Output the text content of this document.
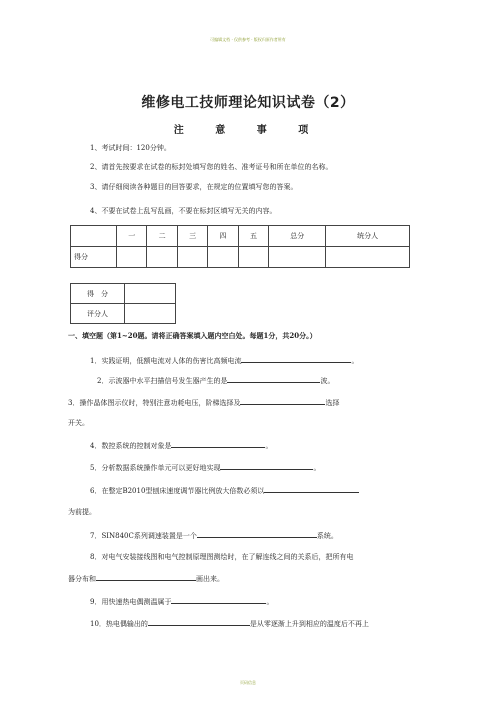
可编辑文档 · 仅供参考 · 版权归原作者所有
维修电工技师理论知识试卷（2）
注 意 事 项
1、考试时间：120分钟。
2、请首先按要求在试卷的标封处填写您的姓名、准考证号和所在单位的名称。
3、请仔细阅读各种题目的回答要求，在规定的位置填写您的答案。
4、不要在试卷上乱写乱画，不要在标封区填写无关的内容。
	一	二	三	四	五	总分	统分人
得分							
得　分	
评分人	
一、填空题（第1~20题。请将正确答案填入题内空白处。每题1分，共20分。）
1．实践证明，低额电流对人体的伤害比高频电流	。
2．示波器中水平扫描信号发生器产生的是	波。
3．操作晶体图示仪时，特别注意功耗电压，阶梯选择及	选择
开关。
4．数控系统的控制对象是	。
5．分析数据系统操作单元可以更好地实现	。
6．在整定B2010型刨床速度调节器比例放大倍数必须以
为前提。
7．SIN840C系列调速装置是一个	系统。
8．对电气安装接线图和电气控制原理图测绘时，在了解连线之间的关系后，把所有电
器分布和	画出来。
9．用快速热电偶测温属于	。
10．热电偶输出的	是从零逐渐上升到相应的温度后不再上
页码信息
